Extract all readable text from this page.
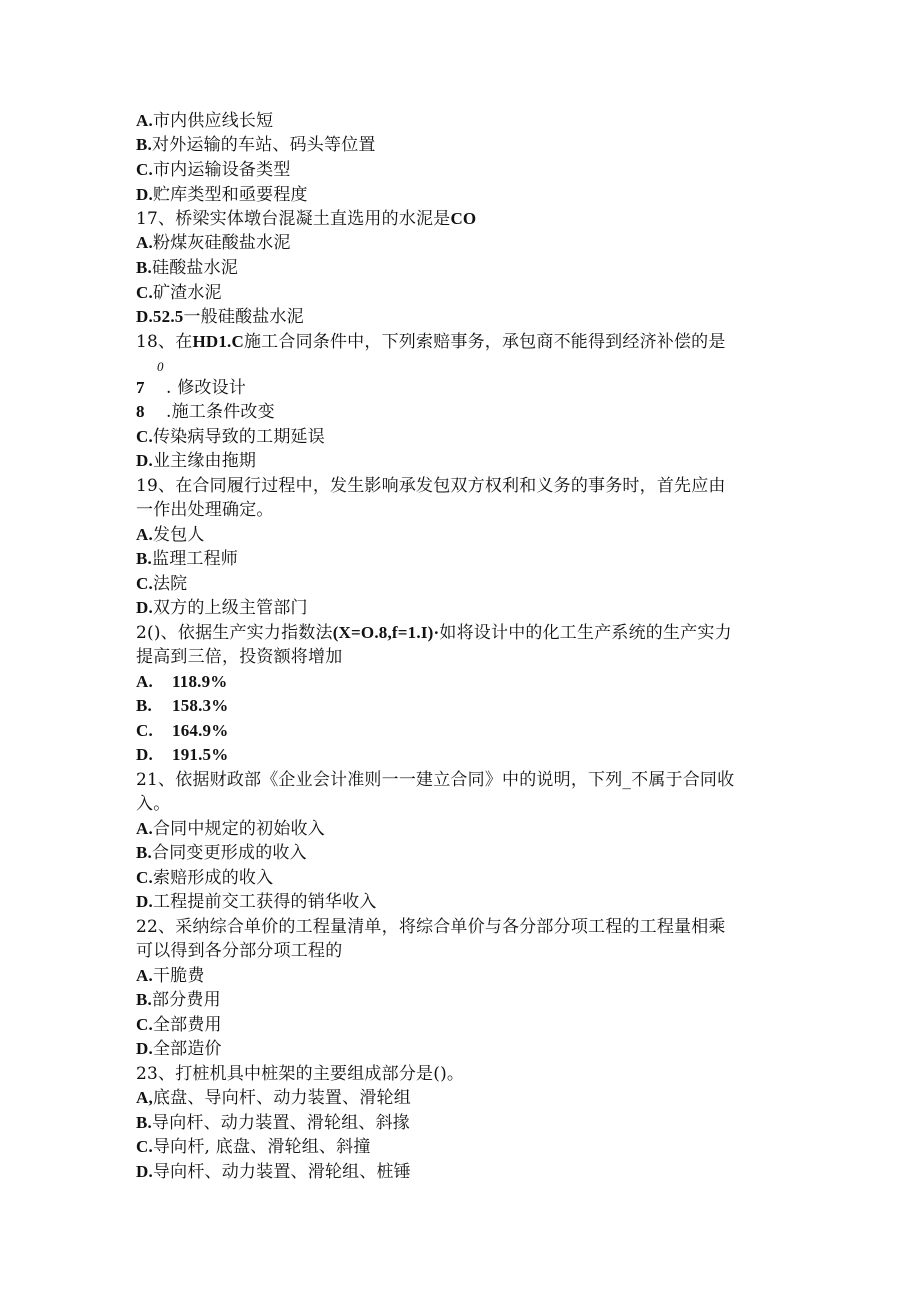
A.市内供应线长短
B.对外运输的车站、码头等位置
C.市内运输设备类型
D.贮库类型和亟要程度
17、桥梁实体墩台混凝土直选用的水泥是CO
A.粉煤灰硅酸盐水泥
B.硅酸盐水泥
C.矿渣水泥
D.52.5一般硅酸盐水泥
18、在HD1.C施工合同条件中，下列索赔事务，承包商不能得到经济补偿的是
0
7 . 修改设计
8 .施工条件改变
C.传染病导致的工期延误
D.业主缘由拖期
19、在合同履行过程中，发生影响承发包双方权利和义务的事务时，首先应由
一作出处理确定。
A.发包人
B.监理工程师
C.法院
D.双方的上级主管部门
2()、依据生产实力指数法(X=O.8,f=1.I)·如将设计中的化工生产系统的生产实力
提高到三倍，投资额将增加
A. 118.9%
B. 158.3%
C. 164.9%
D. 191.5%
21、依据财政部《企业会计准则一一建立合同》中的说明，下列_不属于合同收
入。
A.合同中规定的初始收入
B.合同变更形成的收入
C.索赔形成的收入
D.工程提前交工获得的销华收入
22、采纳综合单价的工程量清单，将综合单价与各分部分项工程的工程量相乘
可以得到各分部分项工程的
A.干脆费
B.部分费用
C.全部费用
D.全部造价
23、打桩机具中桩架的主要组成部分是()。
A,底盘、导向杆、动力装置、滑轮组
B.导向杆、动力装置、滑轮组、斜掾
C.导向杆, 底盘、滑轮组、斜撞
D.导向杆、动力装置、滑轮组、桩锤
